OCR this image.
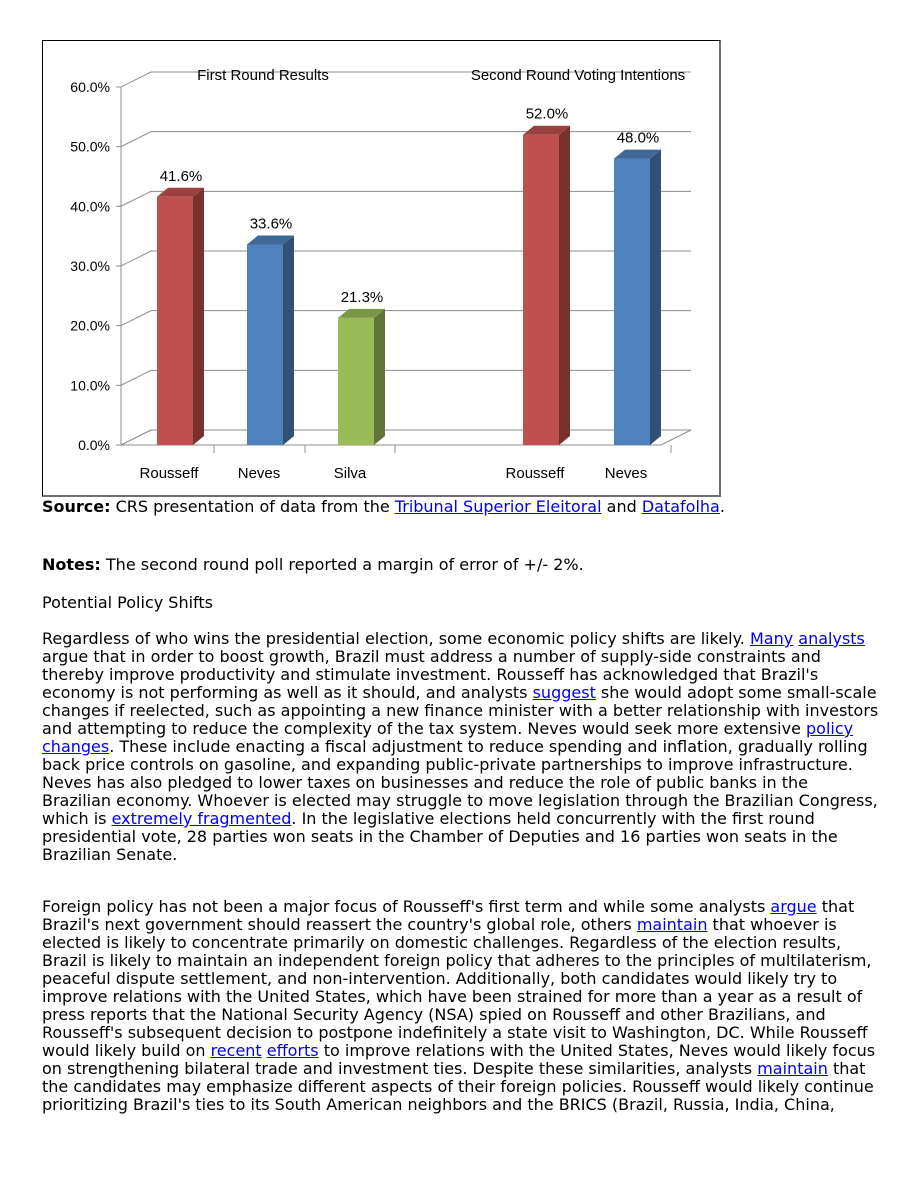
0.0%
10.0%
20.0%
30.0%
40.0%
50.0%
60.0%
41.6%
Rousseff
33.6%
Neves
21.3%
Silva
First Round Results
52.0%
Rousseff
48.0%
Neves
Second Round Voting Intentions

Source: CRS presentation of data from the Tribunal Superior Eleitoral and Datafolha.

Notes: The second round poll reported a margin of error of +/- 2%.

Potential Policy Shifts

Regardless of who wins the presidential election, some economic policy shifts are likely. Many analysts argue that in order to boost growth, Brazil must address a number of supply-side constraints and thereby improve productivity and stimulate investment. Rousseff has acknowledged that Brazil's economy is not performing as well as it should, and analysts suggest she would adopt some small-scale changes if reelected, such as appointing a new finance minister with a better relationship with investors and attempting to reduce the complexity of the tax system. Neves would seek more extensive policy changes. These include enacting a fiscal adjustment to reduce spending and inflation, gradually rolling back price controls on gasoline, and expanding public-private partnerships to improve infrastructure. Neves has also pledged to lower taxes on businesses and reduce the role of public banks in the Brazilian economy. Whoever is elected may struggle to move legislation through the Brazilian Congress, which is extremely fragmented. In the legislative elections held concurrently with the first round presidential vote, 28 parties won seats in the Chamber of Deputies and 16 parties won seats in the Brazilian Senate.

Foreign policy has not been a major focus of Rousseff's first term and while some analysts argue that Brazil's next government should reassert the country's global role, others maintain that whoever is elected is likely to concentrate primarily on domestic challenges. Regardless of the election results, Brazil is likely to maintain an independent foreign policy that adheres to the principles of multilaterism, peaceful dispute settlement, and non-intervention. Additionally, both candidates would likely try to improve relations with the United States, which have been strained for more than a year as a result of press reports that the National Security Agency (NSA) spied on Rousseff and other Brazilians, and Rousseff's subsequent decision to postpone indefinitely a state visit to Washington, DC. While Rousseff would likely build on recent efforts to improve relations with the United States, Neves would likely focus on strengthening bilateral trade and investment ties. Despite these similarities, analysts maintain that the candidates may emphasize different aspects of their foreign policies. Rousseff would likely continue prioritizing Brazil's ties to its South American neighbors and the BRICS (Brazil, Russia, India, China,
